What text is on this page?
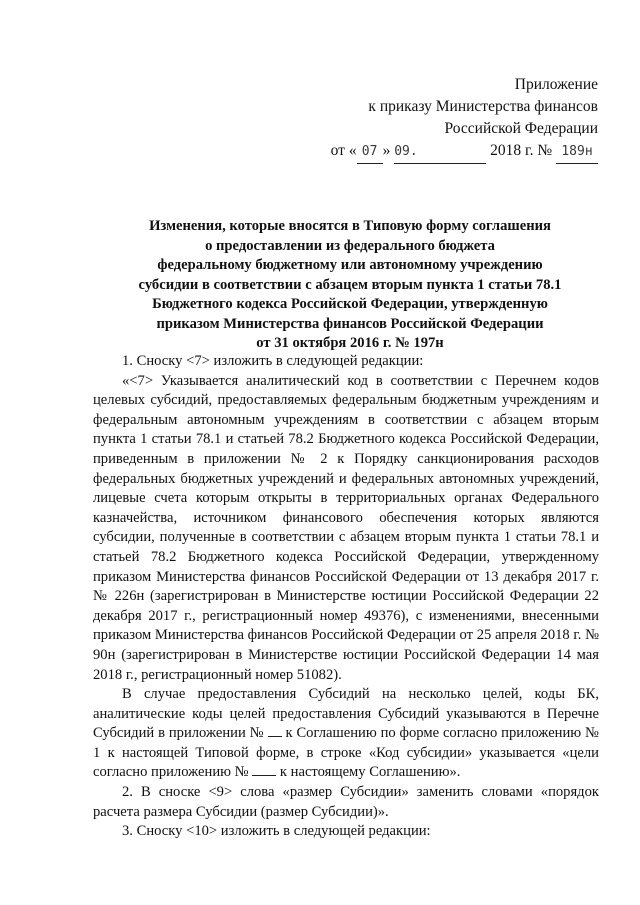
Приложение
к приказу Министерства финансов
Российской Федерации
от « 07 » 09.	2018 г. № 189н
Изменения, которые вносятся в Типовую форму соглашения
о предоставлении из федерального бюджета
федеральному бюджетному или автономному учреждению
субсидии в соответствии с абзацем вторым пункта 1 статьи 78.1
Бюджетного кодекса Российской Федерации, утвержденную
приказом Министерства финансов Российской Федерации
от 31 октября 2016 г. № 197н

1. Сноску <7> изложить в следующей редакции:

«<7> Указывается аналитический код в соответствии с Перечнем кодов целевых субсидий, предоставляемых федеральным бюджетным учреждениям и федеральным автономным учреждениям в соответствии с абзацем вторым пункта 1 статьи 78.1 и статьей 78.2 Бюджетного кодекса Российской Федерации, приведенным в приложении № 2 к Порядку санкционирования расходов федеральных бюджетных учреждений и федеральных автономных учреждений, лицевые счета которым открыты в территориальных органах Федерального казначейства, источником финансового обеспечения которых являются субсидии, полученные в соответствии с абзацем вторым пункта 1 статьи 78.1 и статьей 78.2 Бюджетного кодекса Российской Федерации, утвержденному приказом Министерства финансов Российской Федерации от 13 декабря 2017 г. № 226н (зарегистрирован в Министерстве юстиции Российской Федерации 22 декабря 2017 г., регистрационный номер 49376), с изменениями, внесенными приказом Министерства финансов Российской Федерации от 25 апреля 2018 г. № 90н (зарегистрирован в Министерстве юстиции Российской Федерации 14 мая 2018 г., регистрационный номер 51082).

В случае предоставления Субсидий на несколько целей, коды БК, аналитические коды целей предоставления Субсидий указываются в Перечне Субсидий в приложении № к Соглашению по форме согласно приложению № 1 к настоящей Типовой форме, в строке «Код субсидии» указывается «цели согласно приложению № к настоящему Соглашению».

2. В сноске <9> слова «размер Субсидии» заменить словами «порядок расчета размера Субсидии (размер Субсидии)».

3. Сноску <10> изложить в следующей редакции:
